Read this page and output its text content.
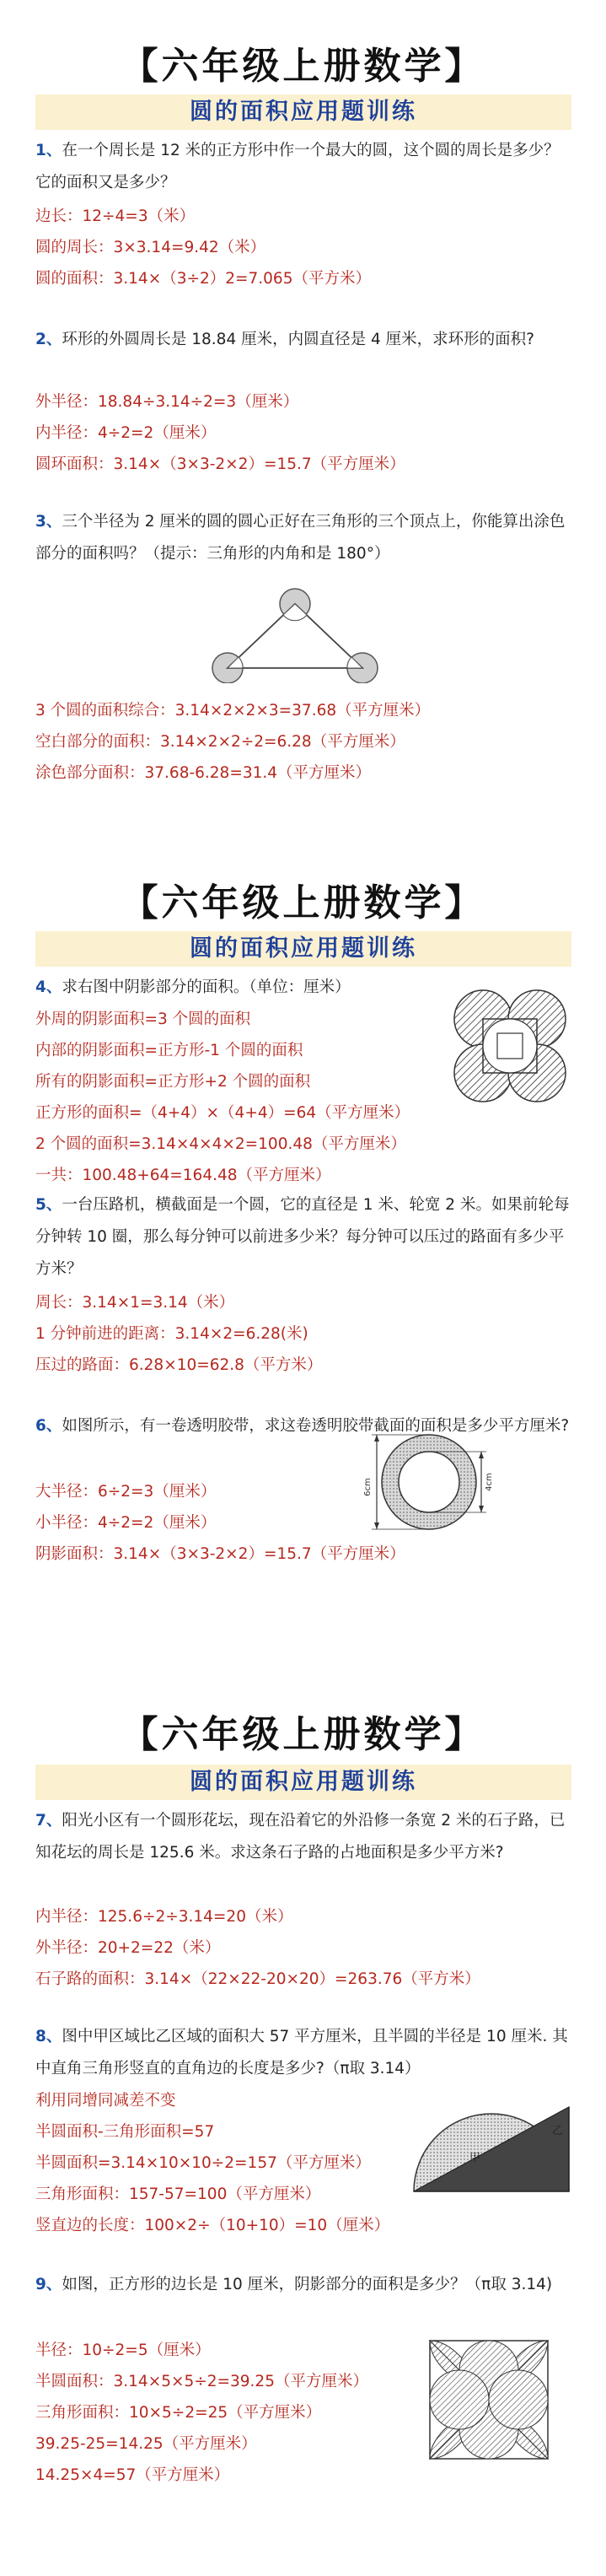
【六年级上册数学】
圆的面积应用题训练
1、在一个周长是 12 米的正方形中作一个最大的圆，这个圆的周长是多少？它的面积又是多少？
边长：12÷4=3（米）
圆的周长：3×3.14=9.42（米）
圆的面积：3.14×（3÷2）2=7.065（平方米）
2、环形的外圆周长是 18.84 厘米，内圆直径是 4 厘米，求环形的面积?
外半径：18.84÷3.14÷2=3（厘米）
内半径：4÷2=2（厘米）
圆环面积：3.14×（3×3-2×2）=15.7（平方厘米）
3、三个半径为 2 厘米的圆的圆心正好在三角形的三个顶点上，你能算出涂色部分的面积吗？（提示：三角形的内角和是 180°）
3 个圆的面积综合：3.14×2×2×3=37.68（平方厘米）
空白部分的面积：3.14×2×2÷2=6.28（平方厘米）
涂色部分面积：37.68-6.28=31.4（平方厘米）
【六年级上册数学】
圆的面积应用题训练
4、求右图中阴影部分的面积。（单位：厘米）
外周的阴影面积=3 个圆的面积
内部的阴影面积=正方形-1 个圆的面积
所有的阴影面积=正方形+2 个圆的面积
正方形的面积=（4+4）×（4+4）=64（平方厘米）
2 个圆的面积=3.14×4×4×2=100.48（平方厘米）
一共：100.48+64=164.48（平方厘米）
5、一台压路机，横截面是一个圆，它的直径是 1 米、轮宽 2 米。如果前轮每分钟转 10 圈，那么每分钟可以前进多少米？每分钟可以压过的路面有多少平方米？
周长：3.14×1=3.14（米）
1 分钟前进的距离：3.14×2=6.28(米)
压过的路面：6.28×10=62.8（平方米）
6、如图所示，有一卷透明胶带，求这卷透明胶带截面的面积是多少平方厘米?
6cm	4cm
大半径：6÷2=3（厘米）
小半径：4÷2=2（厘米）
阴影面积：3.14×（3×3-2×2）=15.7（平方厘米）
【六年级上册数学】
圆的面积应用题训练
7、阳光小区有一个圆形花坛，现在沿着它的外沿修一条宽 2 米的石子路，已知花坛的周长是 125.6 米。求这条石子路的占地面积是多少平方米?
内半径：125.6÷2÷3.14=20（米）
外半径：20+2=22（米）
石子路的面积：3.14×（22×22-20×20）=263.76（平方米）
8、图中甲区域比乙区域的面积大 57 平方厘米，且半圆的半径是 10 厘米. 其中直角三角形竖直的直角边的长度是多少?（π取 3.14）
甲
乙
利用同增同减差不变
半圆面积-三角形面积=57
半圆面积=3.14×10×10÷2=157（平方厘米）
三角形面积：157-57=100（平方厘米）
竖直边的长度：100×2÷（10+10）=10（厘米）
9、如图，正方形的边长是 10 厘米，阴影部分的面积是多少？（π取 3.14)
半径：10÷2=5（厘米）
半圆面积：3.14×5×5÷2=39.25（平方厘米）
三角形面积：10×5÷2=25（平方厘米）
39.25-25=14.25（平方厘米）
14.25×4=57（平方厘米）
